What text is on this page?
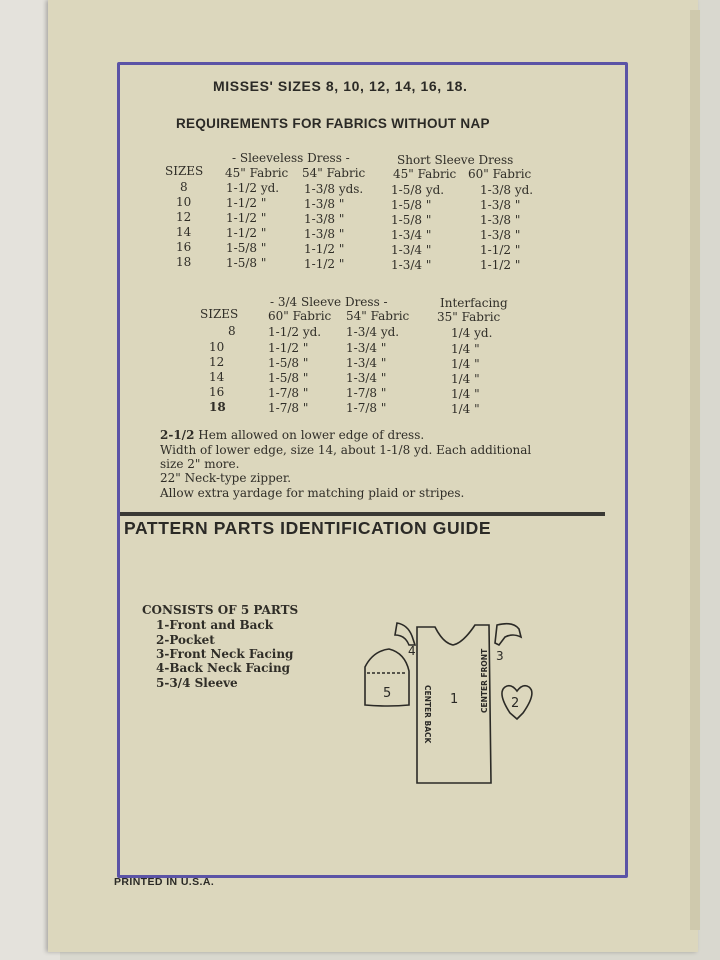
MISSES' SIZES 8, 10, 12, 14, 16, 18.
REQUIREMENTS FOR FABRICS WITHOUT NAP
- Sleeveless Dress -	Short Sleeve Dress
SIZES 45" Fabric 54" Fabric 45" Fabric 60" Fabric
8	1-1/2 yd. 1-3/8 yds. 1-5/8 yd.	1-3/8 yd.
10	1-1/2 "	1-3/8 "	1-5/8 "	1-3/8 "
12	1-1/2 "	1-3/8 "	1-5/8 "	1-3/8 "
14	1-1/2 "	1-3/8 "	1-3/4 "	1-3/8 "
16	1-5/8 "	1-1/2 "	1-3/4 "	1-1/2 "
18	1-5/8 "	1-1/2 "	1-3/4 "	1-1/2 "
- 3/4 Sleeve Dress -	Interfacing
SIZES 60" Fabric 54" Fabric 35" Fabric
8	1-1/2 yd. 1-3/4 yd.	1/4 yd.
10	1-1/2 "	1-3/4 "	1/4 "
12	1-5/8 "	1-3/4 "	1/4 "
14	1-5/8 "	1-3/4 "	1/4 "
16	1-7/8 "	1-7/8 "	1/4 "
18	1-7/8 "	1-7/8 "	1/4 "
2-1/2 Hem allowed on lower edge of dress.
Width of lower edge, size 14, about 1-1/8 yd. Each additional
size 2" more.
22" Neck-type zipper.
Allow extra yardage for matching plaid or stripes.
PATTERN PARTS IDENTIFICATION GUIDE
CONSISTS OF 5 PARTS
1-Front and Back
2-Pocket
3-Front Neck Facing
4-Back Neck Facing
5-3/4 Sleeve
1	2
3
4
5	CENTER BACK
CENTER FRONT
PRINTED IN U.S.A.
